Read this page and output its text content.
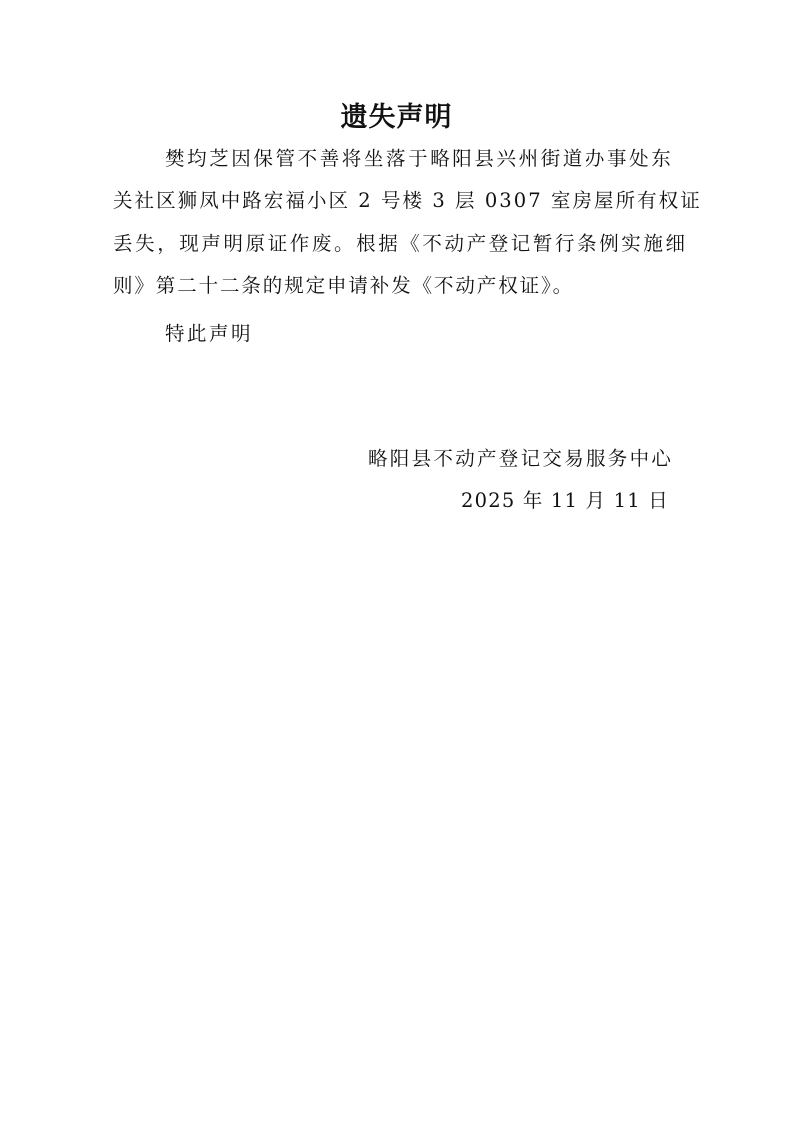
遗失声明
樊均芝因保管不善将坐落于略阳县兴州街道办事处东
关社区狮凤中路宏福小区 2 号楼 3 层 0307 室房屋所有权证
丢失，现声明原证作废。根据《不动产登记暂行条例实施细
则》第二十二条的规定申请补发《不动产权证》。
特此声明
略阳县不动产登记交易服务中心
2025 年 11 月 11 日
